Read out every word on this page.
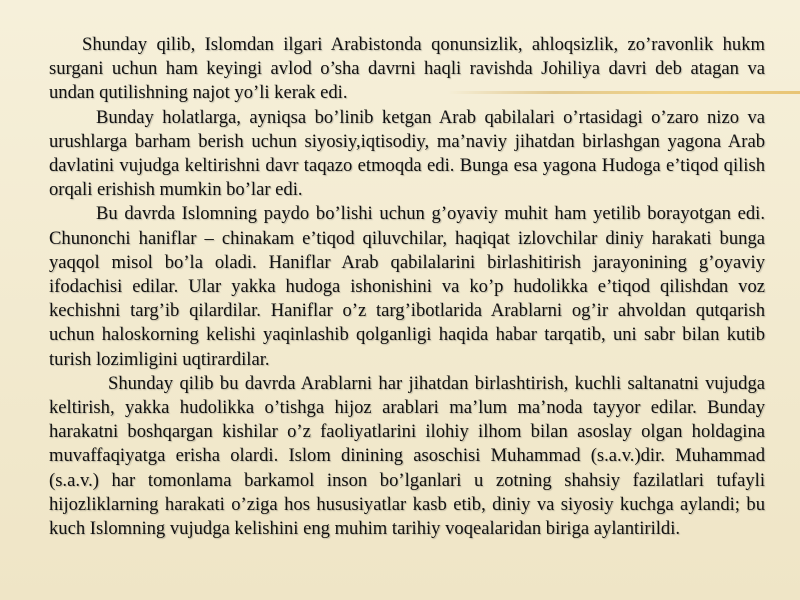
Shunday qilib, Islomdan ilgari Arabistonda qonunsizlik, ahloqsizlik, zo’ravonlik hukm surgani uchun ham keyingi avlod o’sha davrni haqli ravishda Johiliya davri deb atagan va undan qutilishning najot yo’li kerak edi.

Bunday holatlarga, ayniqsa bo’linib ketgan Arab qabilalari o’rtasidagi o’zaro nizo va urushlarga barham berish uchun siyosiy,iqtisodiy, ma’naviy jihatdan birlashgan yagona Arab davlatini vujudga keltirishni davr taqazo etmoqda edi. Bunga esa yagona Hudoga e’tiqod qilish orqali erishish mumkin bo’lar edi.

Bu davrda Islomning paydo bo’lishi uchun g’oyaviy muhit ham yetilib borayotgan edi. Chunonchi haniflar – chinakam e’tiqod qiluvchilar, haqiqat izlovchilar diniy harakati bunga yaqqol misol bo’la oladi. Haniflar Arab qabilalarini birlashitirish jarayonining g’oyaviy ifodachisi edilar. Ular yakka hudoga ishonishini va ko’p hudolikka e’tiqod qilishdan voz kechishni targ’ib qilardilar. Haniflar o’z targ’ibotlarida Arablarni og’ir ahvoldan qutqarish uchun haloskorning kelishi yaqinlashib qolganligi haqida habar tarqatib, uni sabr bilan kutib turish lozimligini uqtirardilar.

Shunday qilib bu davrda Arablarni har jihatdan birlashtirish, kuchli saltanatni vujudga keltirish, yakka hudolikka o’tishga hijoz arablari ma’lum ma’noda tayyor edilar. Bunday harakatni boshqargan kishilar o’z faoliyatlarini ilohiy ilhom bilan asoslay olgan holdagina muvaffaqiyatga erisha olardi. Islom dinining asoschisi Muhammad (s.a.v.)dir. Muhammad (s.a.v.) har tomonlama barkamol inson bo’lganlari u zotning shahsiy fazilatlari tufayli hijozliklarning harakati o’ziga hos hususiyatlar kasb etib, diniy va siyosiy kuchga aylandi; bu kuch Islomning vujudga kelishini eng muhim tarihiy voqealaridan biriga aylantirildi.
